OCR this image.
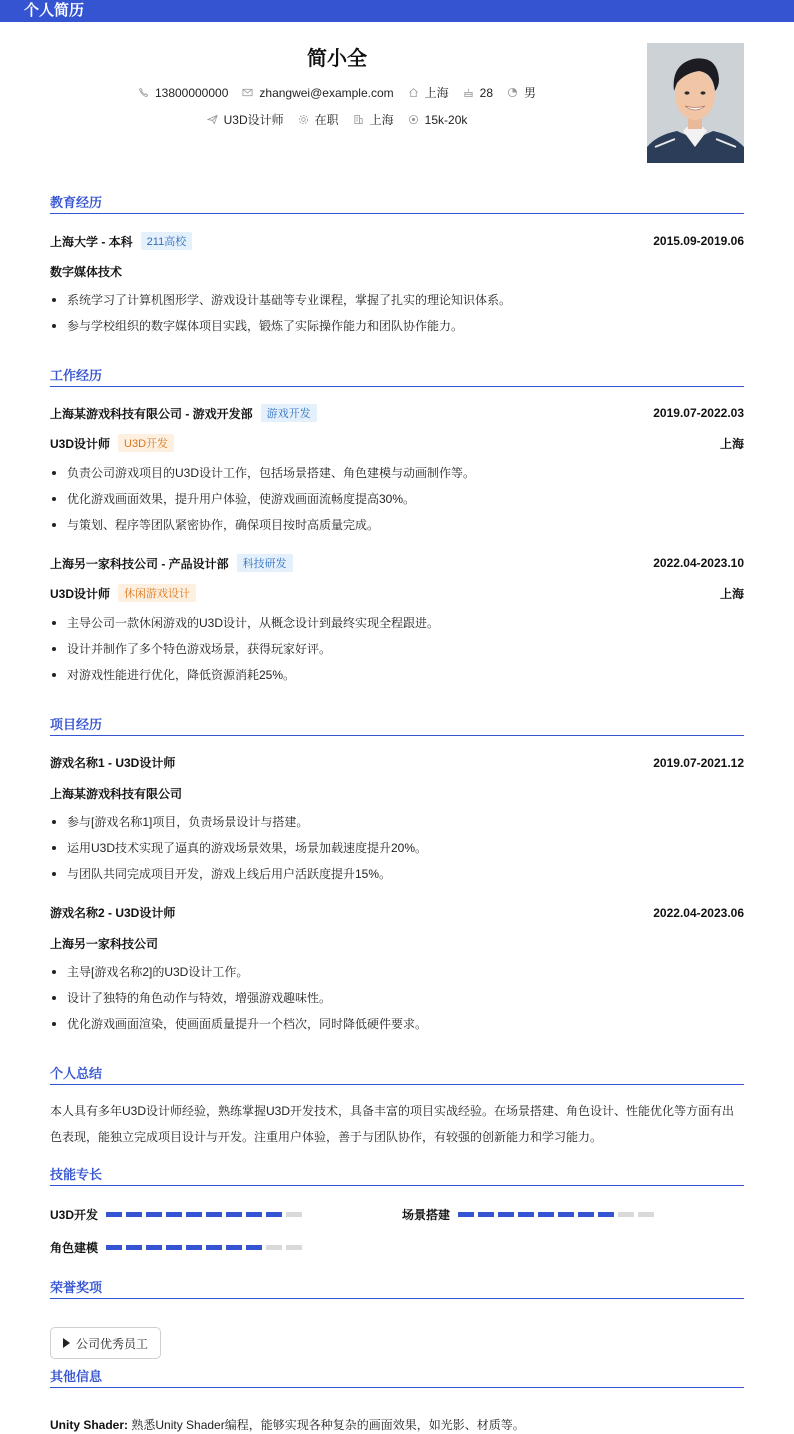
个人简历
简小全
13800000000	zhangwei@example.com	上海	28	男
U3D设计师	在职	上海	15k-20k
教育经历
上海大学 - 本科	211高校	2015.09-2019.06
数字媒体技术
系统学习了计算机图形学、游戏设计基础等专业课程，掌握了扎实的理论知识体系。
参与学校组织的数字媒体项目实践，锻炼了实际操作能力和团队协作能力。
工作经历
上海某游戏科技有限公司 - 游戏开发部	游戏开发	2019.07-2022.03
U3D设计师	U3D开发	上海
负责公司游戏项目的U3D设计工作，包括场景搭建、角色建模与动画制作等。
优化游戏画面效果，提升用户体验，使游戏画面流畅度提高30%。
与策划、程序等团队紧密协作，确保项目按时高质量完成。
上海另一家科技公司 - 产品设计部	科技研发	2022.04-2023.10
U3D设计师	休闲游戏设计	上海
主导公司一款休闲游戏的U3D设计，从概念设计到最终实现全程跟进。
设计并制作了多个特色游戏场景，获得玩家好评。
对游戏性能进行优化，降低资源消耗25%。
项目经历
游戏名称1 - U3D设计师	2019.07-2021.12
上海某游戏科技有限公司
参与[游戏名称1]项目，负责场景设计与搭建。
运用U3D技术实现了逼真的游戏场景效果，场景加载速度提升20%。
与团队共同完成项目开发，游戏上线后用户活跃度提升15%。
游戏名称2 - U3D设计师	2022.04-2023.06
上海另一家科技公司
主导[游戏名称2]的U3D设计工作。
设计了独特的角色动作与特效，增强游戏趣味性。
优化游戏画面渲染，使画面质量提升一个档次，同时降低硬件要求。
个人总结
本人具有多年U3D设计师经验，熟练掌握U3D开发技术，具备丰富的项目实战经验。在场景搭建、角色设计、性能优化等方面有出色表现，能独立完成项目设计与开发。注重用户体验，善于与团队协作，有较强的创新能力和学习能力。
技能专长
U3D开发	场景搭建
角色建模
荣誉奖项
公司优秀员工
其他信息
Unity Shader: 熟悉Unity Shader编程，能够实现各种复杂的画面效果，如光影、材质等。
